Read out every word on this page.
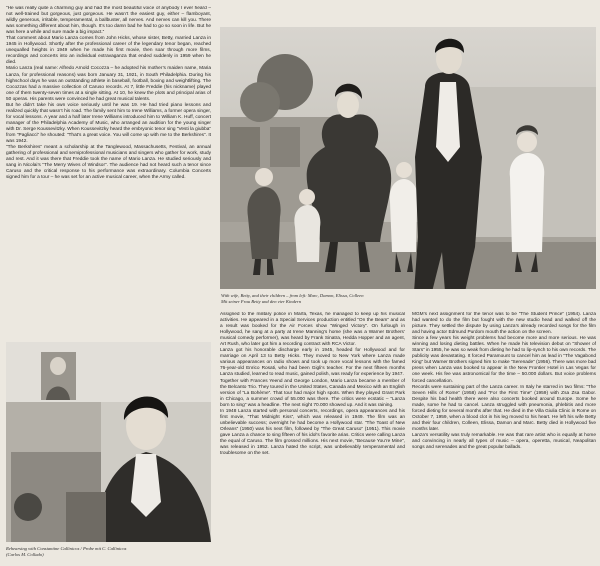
“He was really quite a charming guy and had the most beautiful voice of anybody I ever heard – not well-trained but gorgeous, just gorgeous. He wasn’t the easiest guy, either – flamboyant, wildly generous, irritable, temperamental, a ballbuster, all nerves. And nerves can kill you. There was something different about him, though. It’s too damn bad he had to go so soon in life. But he was here a while and sure made a big impact.”

That comment about Mario Lanza comes from John Hicks, whose sister, Betty, married Lanza in 1945 in Hollywood. Shortly after the professional career of the legendary tenor began, reached unequalled heights in 1949 when he made his first movie, then soar through more films, recordings and concerts into an individual extravaganza that ended suddenly in 1959 when he died.

Mario Lanza (real name: Alfredo Arnold Cocozza – he adopted his mother’s maiden name, Maria Lanza, for professional reasons) was born January 31, 1921, in South Philadelphia. During his highschool days he was an outstanding athlete in baseball, football, boxing and weightlifting. The Cocozzas had a massive collection of Caruso records. At 7, little Freddie (his nickname) played one of them twenty-seven times at a single sitting. At 10, he knew the plots and principal arias of 50 operas. His parents were convinced he had great musical talents.

But he didn’t take his own voice seriously until he was 19. He had tried piano lessons and realized quickly that wasn’t his road. The family sent him to Irene Williams, a former opera singer, for vocal lessons. A year and a half later Irene Williams introduced him to William K. Huff, concert manager of the Philadelphia Academy of Music, who arranged an audition for the young singer with Dr. Serge Koussevitzky. When Koussevitzky heard the embryonic tenor sing “Vesti la giubba” from “Pagliacci” he shouted: “That’s a great voice. You will come up with me to the Berkshires”. It was 1942.

“The Berkshires” meant a scholarship at the Tanglewood, Massachusetts, Festival, an annual gathering of professional and semiprofessional musicians and singers who gather for work, study and rest. And it was there that Freddie took the name of Mario Lanza. He studied seriously and sang in Nicolai’s “The Merry Wives of Windsor”. The audience had not heard such a tenor since Caruso and the critical response to his performance was extraordinary. Columbia Concerts signed him for a tour – he was set for an active musical career, when the Army called.

With wife, Betty, and their children – from left: Marc, Damon, Elissa, Colleen
Mit seiner Frau Betty und den vier Kindern
Rehearsing with Constantine Callinicos / Probe mit C. Callinicos
(Carlos M. Collado)

Assigned to the military police in Marfa, Texas, he managed to keep up his musical activities. He appeared in a Special Services production entitled “On the Beam” and as a result was booked for the Air Forces show “Winged Victory”. On furlough in Hollywood, he sang at a party at Irene Manning’s home (she was a Warner Brothers’ musical comedy performer), was heard by Frank Sinatra, Hedda Hopper and an agent, Art Rush, who later got him a recording contract with RCA Victor.

Lanza got his honorable discharge early in 1945, headed for Hollywood and for marriage on April 13 to Betty Hicks. They moved to New York where Lanza made various appearances on radio shows and took up more vocal lessons with the famed 76-year-old Enrico Rosati, who had been Gigli’s teacher. For the next fifteen months Lanza studied, learned to read music, gained polish, was ready for experience by 1947.

Together with Frances Yeend and George London, Mario Lanza became a member of the Belcanto Trio. They toured in the United States, Canada and Mexico with an English version of “La Bohème”. That tour had major high spots. When they played Grant Park in Chicago, a summer crowd of 55.000 was there. The critics were ecstatic – “Lanza born to sing” was a headline. The next night 70.000 showed up. And it was raining.

In 1948 Lanza started with personal concerts, recordings, opera appearances and his first movie, “That Midnight Kiss”, which was released in 1949. The film was an unbelievable success; overnight he had become a Hollywood star. “The Toast of New Orleans” (1950) was his next film, followed by “The Great Caruso” (1951). This movie gave Lanza a chance to sing fifteen of his idol’s favorite arias. Critics were calling Lanza the equal of Caruso. The film grossed millions. His next movie, “Because You’re Mine”, was released in 1952. Lanza hated the script, was unbelievably temperamental and troublesome on the set.

MGM’s next assignment for the tenor was to be “The Student Prince” (1954). Lanza had wanted to do the film but fought with the new studio head and walked off the picture. They settled the dispute by using Lanza’s already recorded songs for the film and having actor Edmund Purdom mouth the action on the screen.

Since a few years his weight problems had become more and more serious. He was winning and losing dieting battles. When he made his television debut on “Shower of Stars” in 1955, he was so weak from dieting he had to lip-synch to his own records. The publicity was devastating. It forced Paramount to cancel him as lead in “The Vagabond King” but Warner Brothers signed him to make “Serenade” (1956). There was more bad press when Lanza was booked to appear in the New Frontier Hotel in Las Vegas for one week. His fee was astronomical for the time – 50.000 dollars. But voice problems forced cancellation.

Records were sustaining part of the Lanza career. In Italy he starred in two films: “The Seven Hills of Rome” (1958) and “For the First Time” (1959) with Zsa Zsa Gabor. Despite his bad health there were also concerts booked around Europe. Some he made, some he had to cancel. Lanza struggled with pneumonia, phlebitis and more forced dieting for several months after that. He died in the Villa Giulia Clinic in Rome on October 7, 1959, when a blood clot in his leg moved to his heart. He left his wife Betty and their four children, Colleen, Elissa, Damon and Marc. Betty died in Hollywood five months later.

Lanza’s versatility was truly remarkable. He was that rare artist who is equally at home and convincing in nearly all types of music – opera, operetta, musical, Neapolitan songs and serenades and the great popular ballads.
